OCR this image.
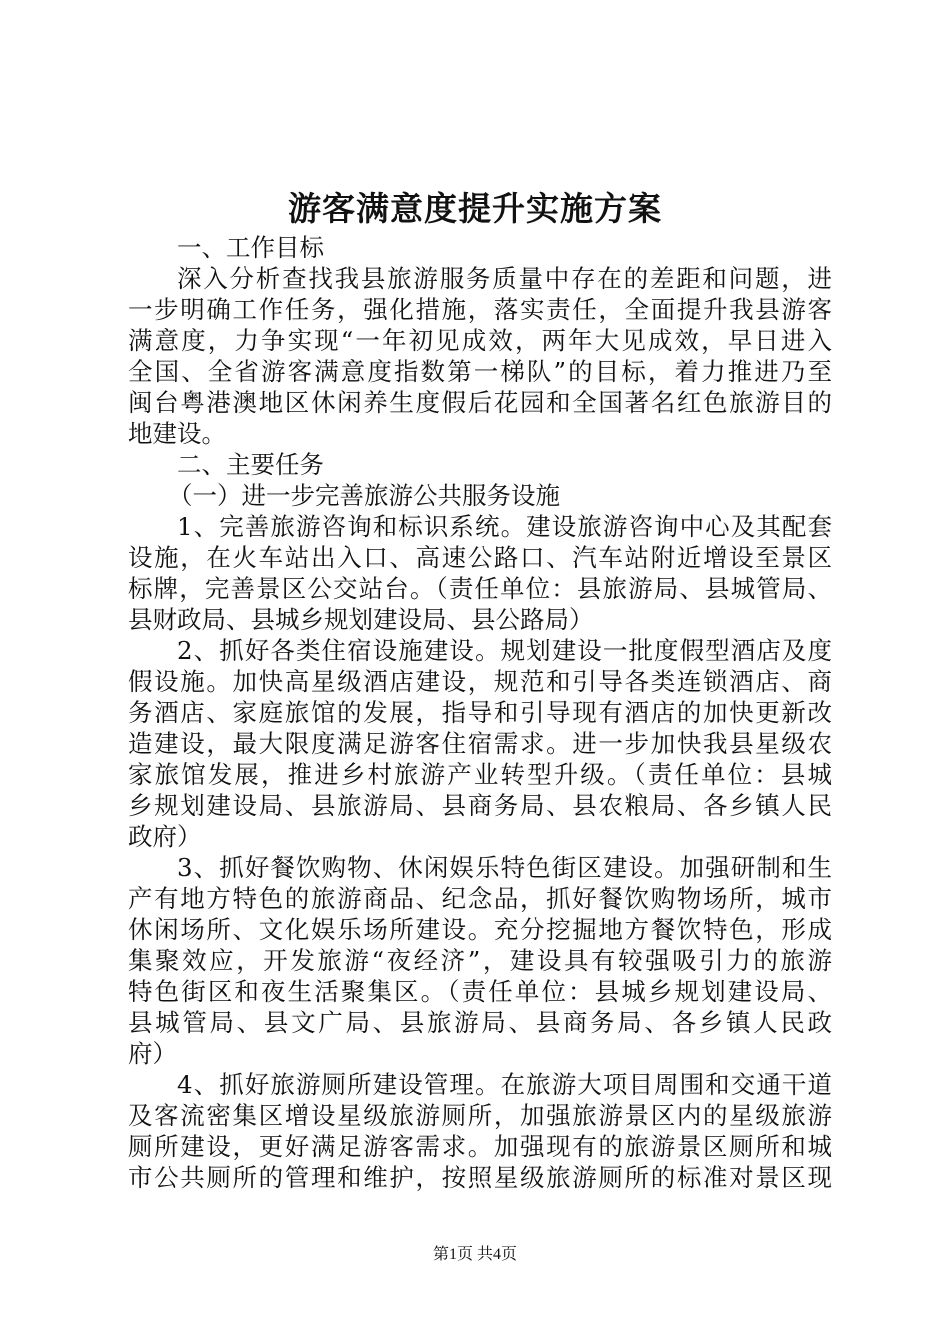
游客满意度提升实施方案
一、工作目标
深入分析查找我县旅游服务质量中存在的差距和问题，进
一步明确工作任务，强化措施，落实责任，全面提升我县游客
满意度，力争实现“一年初见成效，两年大见成效，早日进入
全国、全省游客满意度指数第一梯队”的目标，着力推进乃至
闽台粤港澳地区休闲养生度假后花园和全国著名红色旅游目的
地建设。
二、主要任务
（一）进一步完善旅游公共服务设施
1、完善旅游咨询和标识系统。建设旅游咨询中心及其配套
设施，在火车站出入口、高速公路口、汽车站附近增设至景区
标牌，完善景区公交站台。（责任单位：县旅游局、县城管局、
县财政局、县城乡规划建设局、县公路局）
2、抓好各类住宿设施建设。规划建设一批度假型酒店及度
假设施。加快高星级酒店建设，规范和引导各类连锁酒店、商
务酒店、家庭旅馆的发展，指导和引导现有酒店的加快更新改
造建设，最大限度满足游客住宿需求。进一步加快我县星级农
家旅馆发展，推进乡村旅游产业转型升级。（责任单位：县城
乡规划建设局、县旅游局、县商务局、县农粮局、各乡镇人民
政府）
3、抓好餐饮购物、休闲娱乐特色街区建设。加强研制和生
产有地方特色的旅游商品、纪念品，抓好餐饮购物场所，城市
休闲场所、文化娱乐场所建设。充分挖掘地方餐饮特色，形成
集聚效应，开发旅游“夜经济”，建设具有较强吸引力的旅游
特色街区和夜生活聚集区。（责任单位：县城乡规划建设局、
县城管局、县文广局、县旅游局、县商务局、各乡镇人民政
府）
4、抓好旅游厕所建设管理。在旅游大项目周围和交通干道
及客流密集区增设星级旅游厕所，加强旅游景区内的星级旅游
厕所建设，更好满足游客需求。加强现有的旅游景区厕所和城
市公共厕所的管理和维护，按照星级旅游厕所的标准对景区现
第1页 共4页
